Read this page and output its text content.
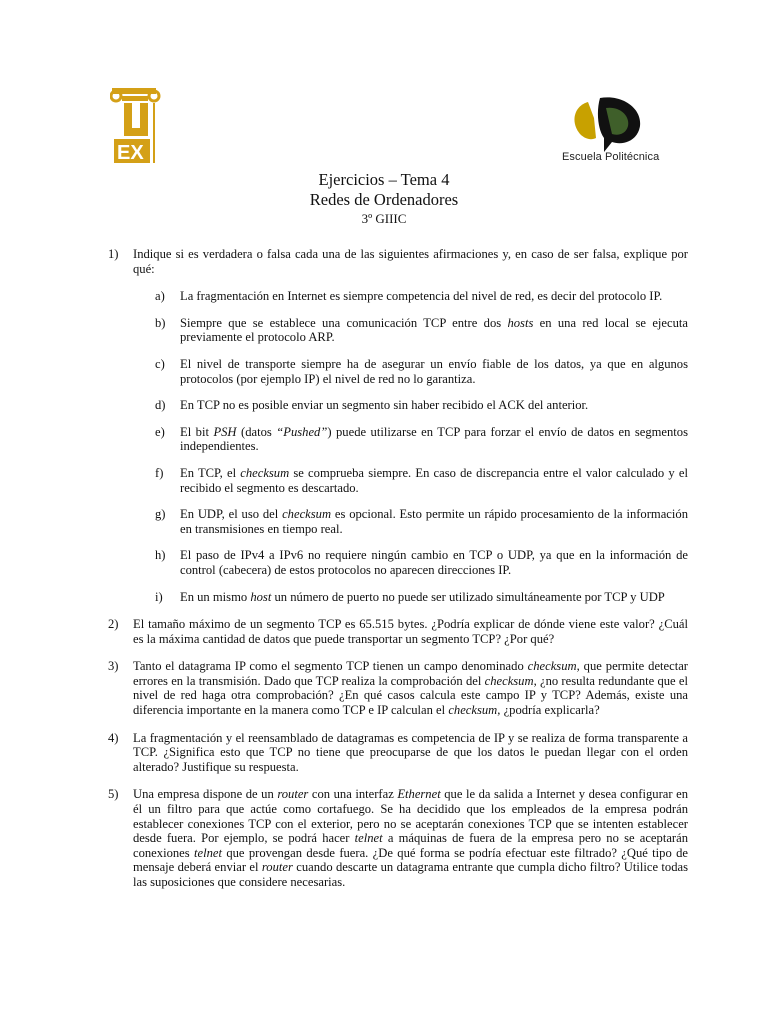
EX	Escuela Politécnica
Ejercicios – Tema 4
Redes de Ordenadores
3º GIIIC
1) Indique si es verdadera o falsa cada una de las siguientes afirmaciones y, en caso de ser falsa, explique por qué:
a) La fragmentación en Internet es siempre competencia del nivel de red, es decir del protocolo IP.
b) Siempre que se establece una comunicación TCP entre dos hosts en una red local se ejecuta previamente el protocolo ARP.
c) El nivel de transporte siempre ha de asegurar un envío fiable de los datos, ya que en algunos protocolos (por ejemplo IP) el nivel de red no lo garantiza.
d) En TCP no es posible enviar un segmento sin haber recibido el ACK del anterior.
e) El bit PSH (datos “Pushed”) puede utilizarse en TCP para forzar el envío de datos en segmentos independientes.
f) En TCP, el checksum se comprueba siempre. En caso de discrepancia entre el valor calculado y el recibido el segmento es descartado.
g) En UDP, el uso del checksum es opcional. Esto permite un rápido procesamiento de la información en transmisiones en tiempo real.
h) El paso de IPv4 a IPv6 no requiere ningún cambio en TCP o UDP, ya que en la información de control (cabecera) de estos protocolos no aparecen direcciones IP.
i) En un mismo host un número de puerto no puede ser utilizado simultáneamente por TCP y UDP
2) El tamaño máximo de un segmento TCP es 65.515 bytes. ¿Podría explicar de dónde viene este valor? ¿Cuál es la máxima cantidad de datos que puede transportar un segmento TCP? ¿Por qué?
3) Tanto el datagrama IP como el segmento TCP tienen un campo denominado checksum, que permite detectar errores en la transmisión. Dado que TCP realiza la comprobación del checksum, ¿no resulta redundante que el nivel de red haga otra comprobación? ¿En qué casos calcula este campo IP y TCP? Además, existe una diferencia importante en la manera como TCP e IP calculan el checksum, ¿podría explicarla?
4) La fragmentación y el reensamblado de datagramas es competencia de IP y se realiza de forma transparente a TCP. ¿Significa esto que TCP no tiene que preocuparse de que los datos le puedan llegar con el orden alterado? Justifique su respuesta.
5) Una empresa dispone de un router con una interfaz Ethernet que le da salida a Internet y desea configurar en él un filtro para que actúe como cortafuego. Se ha decidido que los empleados de la empresa podrán establecer conexiones TCP con el exterior, pero no se aceptarán conexiones TCP que se intenten establecer desde fuera. Por ejemplo, se podrá hacer telnet a máquinas de fuera de la empresa pero no se aceptarán conexiones telnet que provengan desde fuera. ¿De qué forma se podría efectuar este filtrado? ¿Qué tipo de mensaje deberá enviar el router cuando descarte un datagrama entrante que cumpla dicho filtro? Utilice todas las suposiciones que considere necesarias.
